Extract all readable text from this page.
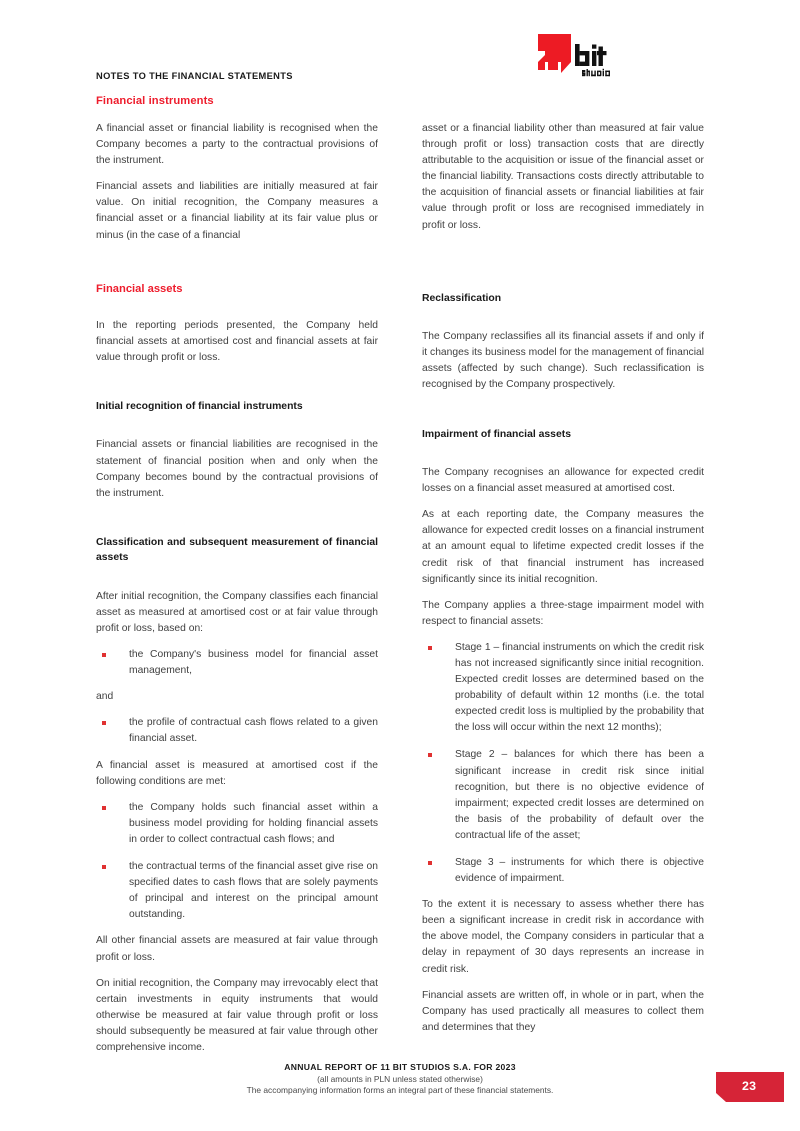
NOTES TO THE FINANCIAL STATEMENTS
Financial instruments

A financial asset or financial liability is recognised when the Company becomes a party to the contractual provisions of the instrument.

Financial assets and liabilities are initially measured at fair value. On initial recognition, the Company measures a financial asset or a financial liability at its fair value plus or minus (in the case of a financial

Financial assets

In the reporting periods presented, the Company held financial assets at amortised cost and financial assets at fair value through profit or loss.

Initial recognition of financial instruments

Financial assets or financial liabilities are recognised in the statement of financial position when and only when the Company becomes bound by the contractual provisions of the instrument.

Classification and subsequent measurement of financial assets

After initial recognition, the Company classifies each financial asset as measured at amortised cost or at fair value through profit or loss, based on:

the Company's business model for financial asset management,

and

the profile of contractual cash flows related to a given financial asset.

A financial asset is measured at amortised cost if the following conditions are met:

the Company holds such financial asset within a business model providing for holding financial assets in order to collect contractual cash flows; and
the contractual terms of the financial asset give rise on specified dates to cash flows that are solely payments of principal and interest on the principal amount outstanding.

All other financial assets are measured at fair value through profit or loss.

On initial recognition, the Company may irrevocably elect that certain investments in equity instruments that would otherwise be measured at fair value through profit or loss should subsequently be measured at fair value through other comprehensive income.

asset or a financial liability other than measured at fair value through profit or loss) transaction costs that are directly attributable to the acquisition or issue of the financial asset or the financial liability. Transactions costs directly attributable to the acquisition of financial assets or financial liabilities at fair value through profit or loss are recognised immediately in profit or loss.

Reclassification

The Company reclassifies all its financial assets if and only if it changes its business model for the management of financial assets (affected by such change). Such reclassification is recognised by the Company prospectively.

Impairment of financial assets

The Company recognises an allowance for expected credit losses on a financial asset measured at amortised cost.

As at each reporting date, the Company measures the allowance for expected credit losses on a financial instrument at an amount equal to lifetime expected credit losses if the credit risk of that financial instrument has increased significantly since its initial recognition.

The Company applies a three-stage impairment model with respect to financial assets:

Stage 1 – financial instruments on which the credit risk has not increased significantly since initial recognition. Expected credit losses are determined based on the probability of default within 12 months (i.e. the total expected credit loss is multiplied by the probability that the loss will occur within the next 12 months);
Stage 2 – balances for which there has been a significant increase in credit risk since initial recognition, but there is no objective evidence of impairment; expected credit losses are determined on the basis of the probability of default over the contractual life of the asset;
Stage 3 – instruments for which there is objective evidence of impairment.

To the extent it is necessary to assess whether there has been a significant increase in credit risk in accordance with the above model, the Company considers in particular that a delay in repayment of 30 days represents an increase in credit risk.

Financial assets are written off, in whole or in part, when the Company has used practically all measures to collect them and determines that they

ANNUAL REPORT OF 11 BIT STUDIOS S.A. FOR 2023
(all amounts in PLN unless stated otherwise)
The accompanying information forms an integral part of these financial statements.	23
